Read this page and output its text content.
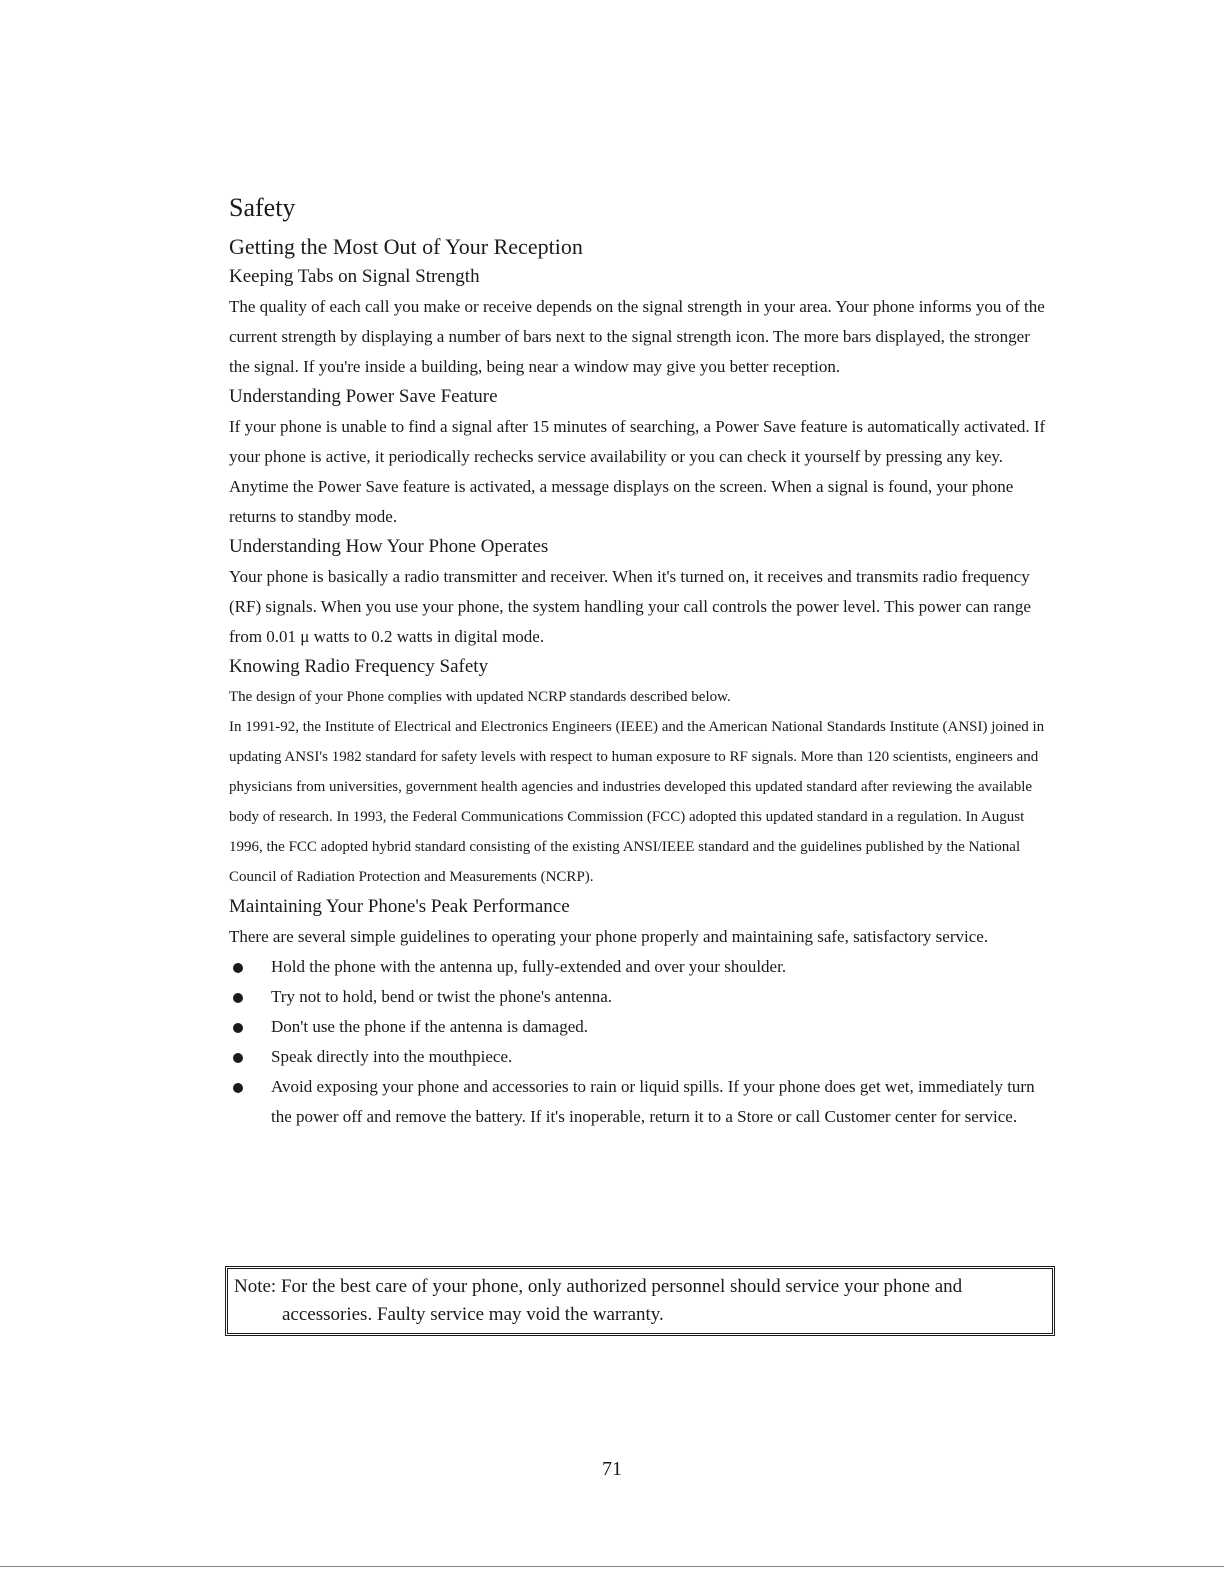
Safety
Getting the Most Out of Your Reception
Keeping Tabs on Signal Strength

The quality of each call you make or receive depends on the signal strength in your area. Your phone informs you of the current strength by displaying a number of bars next to the signal strength icon. The more bars displayed, the stronger the signal. If you're inside a building, being near a window may give you better reception.

Understanding Power Save Feature

If your phone is unable to find a signal after 15 minutes of searching, a Power Save feature is automatically activated. If your phone is active, it periodically rechecks service availability or you can check it yourself by pressing any key. Anytime the Power Save feature is activated, a message displays on the screen. When a signal is found, your phone returns to standby mode.

Understanding How Your Phone Operates

Your phone is basically a radio transmitter and receiver. When it's turned on, it receives and transmits radio frequency (RF) signals. When you use your phone, the system handling your call controls the power level. This power can range from 0.01 μ watts to 0.2 watts in digital mode.

Knowing Radio Frequency Safety

The design of your Phone complies with updated NCRP standards described below.

In 1991-92, the Institute of Electrical and Electronics Engineers (IEEE) and the American National Standards Institute (ANSI) joined in updating ANSI's 1982 standard for safety levels with respect to human exposure to RF signals. More than 120 scientists, engineers and physicians from universities, government health agencies and industries developed this updated standard after reviewing the available body of research. In 1993, the Federal Communications Commission (FCC) adopted this updated standard in a regulation. In August 1996, the FCC adopted hybrid standard consisting of the existing ANSI/IEEE standard and the guidelines published by the National Council of Radiation Protection and Measurements (NCRP).

Maintaining Your Phone's Peak Performance

There are several simple guidelines to operating your phone properly and maintaining safe, satisfactory service.

Hold the phone with the antenna up, fully-extended and over your shoulder.
Try not to hold, bend or twist the phone's antenna.
Don't use the phone if the antenna is damaged.
Speak directly into the mouthpiece.
Avoid exposing your phone and accessories to rain or liquid spills. If your phone does get wet, immediately turn the power off and remove the battery. If it's inoperable, return it to a Store or call Customer center for service.
Note: For the best care of your phone, only authorized personnel should service your phone and
accessories. Faulty service may void the warranty.
71
